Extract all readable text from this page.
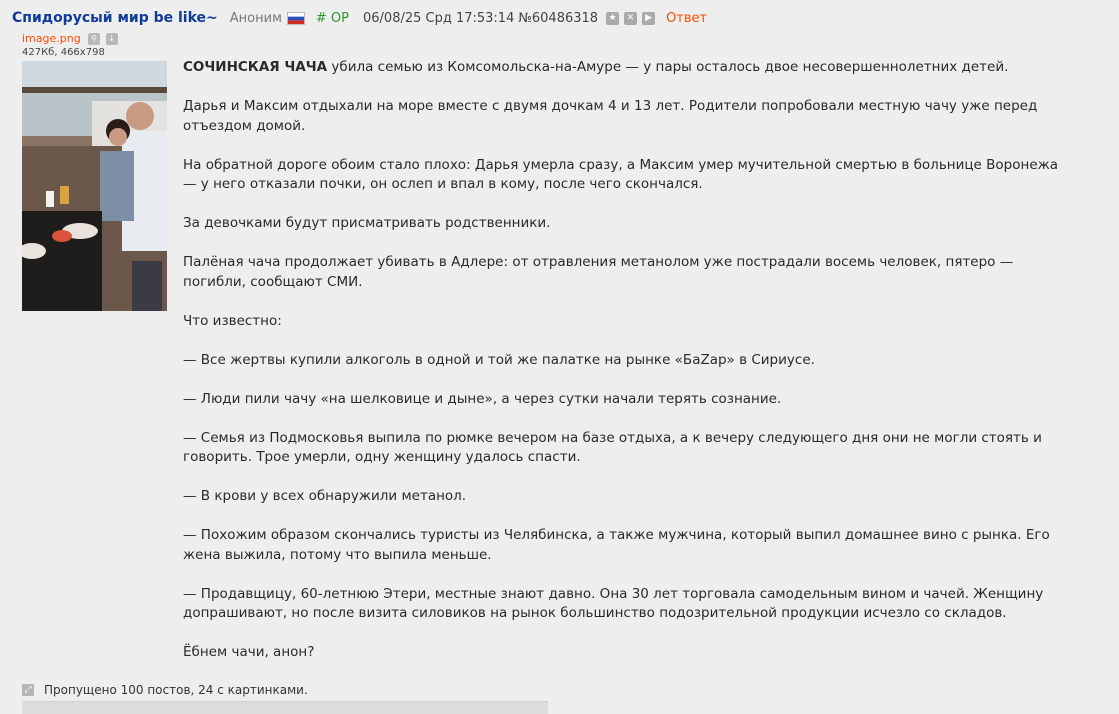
Спидорусый мир be like~ Аноним	# OP 06/08/25 Срд 17:53:14 №60486318 ★	✕	▶ Ответ
image.png ⚲ ↓
427Кб, 466x798

СОЧИНСКАЯ ЧАЧА убила семью из Комсомольска-на-Амуре — у пары осталось двое несовершеннолетних детей.

Дарья и Максим отдыхали на море вместе с двумя дочкам 4 и 13 лет. Родители попробовали местную чачу уже перед отъездом домой.

На обратной дороге обоим стало плохо: Дарья умерла сразу, а Максим умер мучительной смертью в больнице Воронежа — у него отказали почки, он ослеп и впал в кому, после чего скончался.

За девочками будут присматривать родственники.

Палёная чача продолжает убивать в Адлере: от отравления метанолом уже пострадали восемь человек, пятеро — погибли, сообщают СМИ.

Что известно:

— Все жертвы купили алкоголь в одной и той же палатке на рынке «БаZар» в Сириусе.

— Люди пили чачу «на шелковице и дыне», а через сутки начали терять сознание.

— Семья из Подмосковья выпила по рюмке вечером на базе отдыха, а к вечеру следующего дня они не могли стоять и говорить. Трое умерли, одну женщину удалось спасти.

— В крови у всех обнаружили метанол.

— Похожим образом скончались туристы из Челябинска, а также мужчина, который выпил домашнее вино с рынка. Его жена выжила, потому что выпила меньше.

— Продавщицу, 60-летнюю Этери, местные знают давно. Она 30 лет торговала самодельным вином и чачей. Женщину допрашивают, но после визита силовиков на рынок большинство подозрительной продукции исчезло со складов.

Ёбнем чачи, анон?

⤢ Пропущено 100 постов, 24 с картинками.
